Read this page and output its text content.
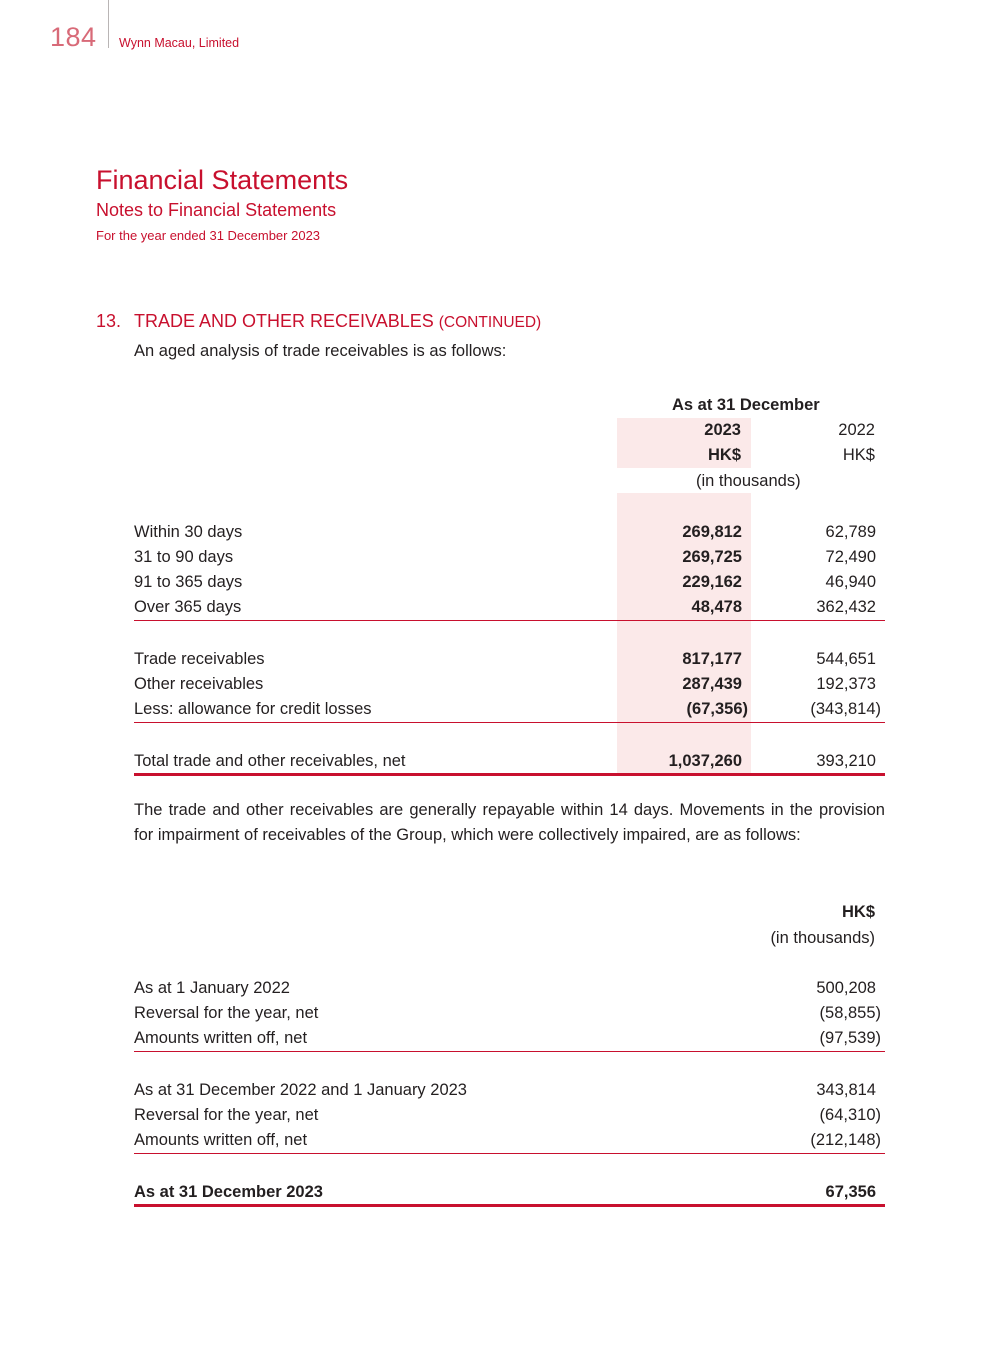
184 Wynn Macau, Limited
Financial Statements
Notes to Financial Statements
For the year ended 31 December 2023
13. TRADE AND OTHER RECEIVABLES (CONTINUED)
An aged analysis of trade receivables is as follows:
As at 31 December
2023	2022
HK$	HK$
(in thousands)
Within 30 days	269,812	62,789
31 to 90 days	269,725	72,490
91 to 365 days	229,162	46,940
Over 365 days	48,478	362,432
Trade receivables	817,177	544,651
Other receivables	287,439	192,373
Less: allowance for credit losses	(67,356)	(343,814)
Total trade and other receivables, net	1,037,260	393,210

The trade and other receivables are generally repayable within 14 days. Movements in the provision for impairment of receivables of the Group, which were collectively impaired, are as follows:

HK$
(in thousands)
As at 1 January 2022	500,208
Reversal for the year, net	(58,855)
Amounts written off, net	(97,539)
As at 31 December 2022 and 1 January 2023	343,814
Reversal for the year, net	(64,310)
Amounts written off, net	(212,148)
As at 31 December 2023	67,356
